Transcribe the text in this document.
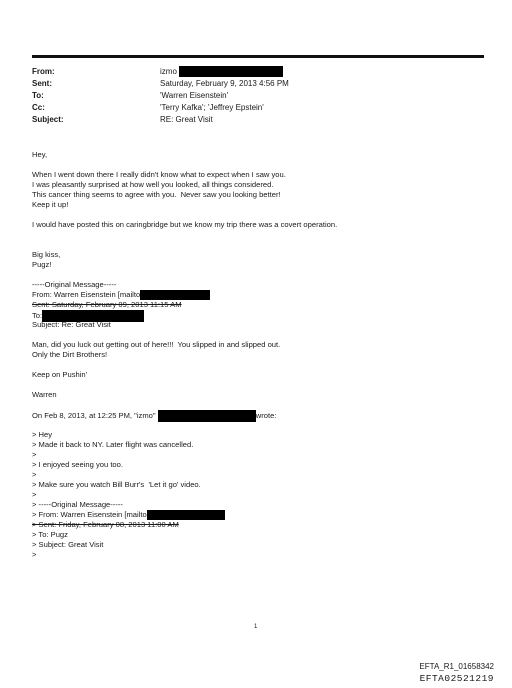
From:	izmo
Sent:	Saturday, February 9, 2013 4:56 PM
To:	'Warren Eisenstein'
Cc:	'Terry Kafka'; 'Jeffrey Epstein'
Subject:	RE: Great Visit
Hey,
When I went down there I really didn't know what to expect when I saw you.
I was pleasantly surprised at how well you looked, all things considered.
This cancer thing seems to agree with you.  Never saw you looking better!
Keep it up!
I would have posted this on caringbridge but we know my trip there was a covert operation.
Big kiss,
Pugz!
-----Original Message-----
From: Warren Eisenstein [mailto
Sent: Saturday, February 09, 2013 11:15 AM
To:
Subject: Re: Great Visit
Man, did you luck out getting out of here!!!  You slipped in and slipped out.
Only the Dirt Brothers!
Keep on Pushin'
Warren
On Feb 8, 2013, at 12:25 PM, "izmo"	wrote:
> Hey
> Made it back to NY. Later flight was cancelled.
>
> I enjoyed seeing you too.
>
> Make sure you watch Bill Burr's  'Let it go' video.
>
> -----Original Message-----
> From: Warren Eisenstein [mailto
> Sent: Friday, February 08, 2013 11:00 AM
> To: Pugz
> Subject: Great Visit
>
1
EFTA_R1_01658342
EFTA02521219
